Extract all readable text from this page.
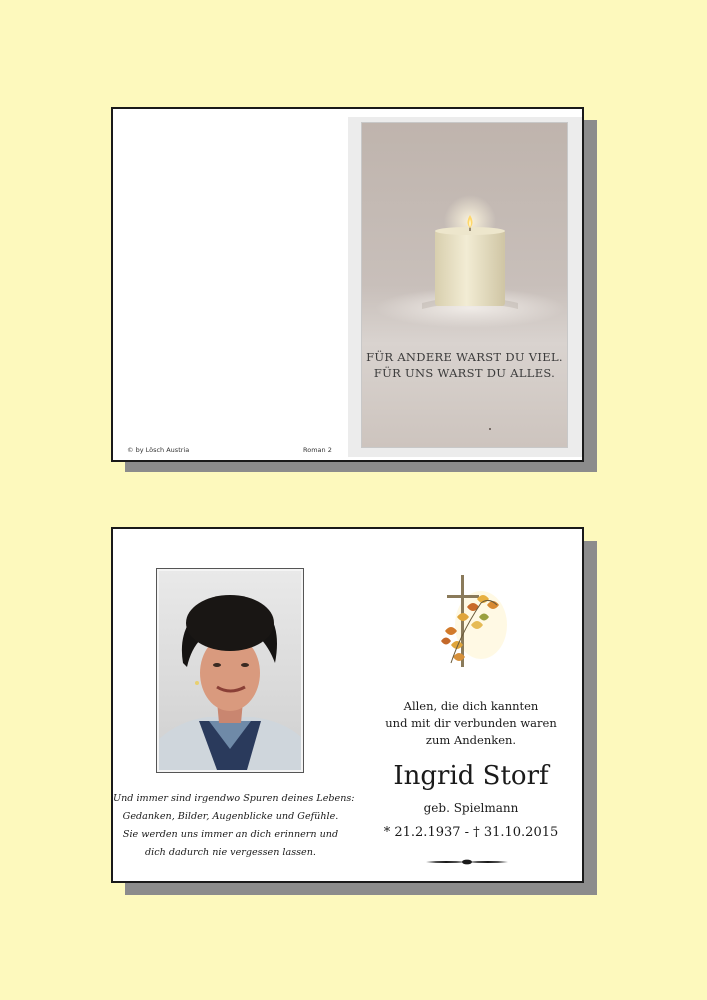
© by Lösch Austria	Roman 2
FÜR ANDERE WARST DU VIEL.
FÜR UNS WARST DU ALLES.
Und immer sind irgendwo Spuren deines Lebens:
Gedanken, Bilder, Augenblicke und Gefühle.
Sie werden uns immer an dich erinnern und
dich dadurch nie vergessen lassen.
Allen, die dich kannten
und mit dir verbunden waren
zum Andenken.
Ingrid Storf
geb. Spielmann
* 21.2.1937 - † 31.10.2015
